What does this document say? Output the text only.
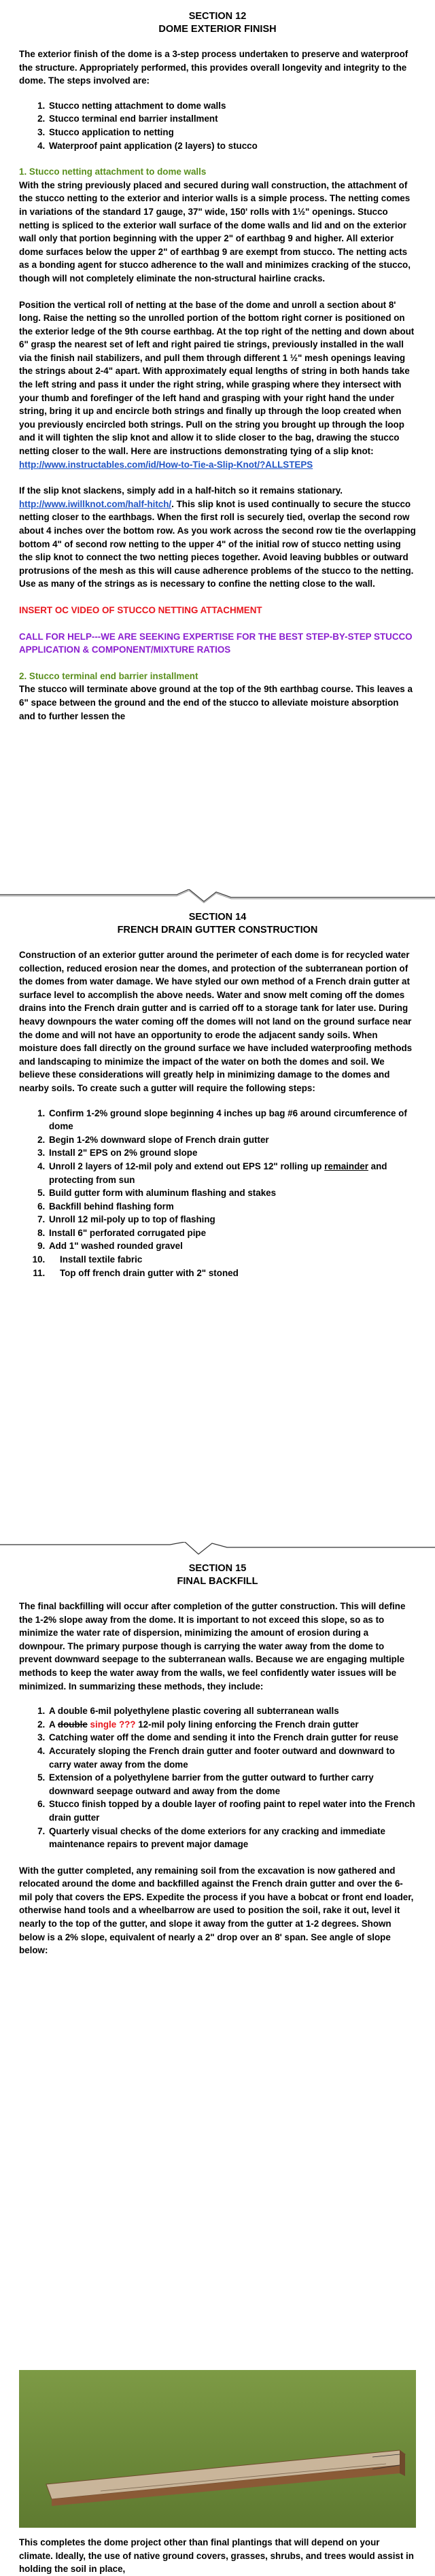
SECTION 12
DOME EXTERIOR FINISH

The exterior finish of the dome is a 3-step process undertaken to preserve and waterproof the structure. Appropriately performed, this provides overall longevity and integrity to the dome. The steps involved are:

1. Stucco netting attachment to dome walls
2. Stucco terminal end barrier installment
3. Stucco application to netting
4. Waterproof paint application (2 layers) to stucco

1. Stucco netting attachment to dome walls

With the string previously placed and secured during wall construction, the attachment of the stucco netting to the exterior and interior walls is a simple process. The netting comes in variations of the standard 17 gauge, 37" wide, 150' rolls with 1½" openings. Stucco netting is spliced to the exterior wall surface of the dome walls and lid and on the exterior wall only that portion beginning with the upper 2" of earthbag 9 and higher. All exterior dome surfaces below the upper 2" of earthbag 9 are exempt from stucco. The netting acts as a bonding agent for stucco adherence to the wall and minimizes cracking of the stucco, though will not completely eliminate the non-structural hairline cracks.

Position the vertical roll of netting at the base of the dome and unroll a section about 8' long. Raise the netting so the unrolled portion of the bottom right corner is positioned on the exterior ledge of the 9th course earthbag. At the top right of the netting and down about 6" grasp the nearest set of left and right paired tie strings, previously installed in the wall via the finish nail stabilizers, and pull them through different 1 ½" mesh openings leaving the strings about 2-4" apart. With approximately equal lengths of string in both hands take the left string and pass it under the right string, while grasping where they intersect with your thumb and forefinger of the left hand and grasping with your right hand the under string, bring it up and encircle both strings and finally up through the loop created when you previously encircled both strings. Pull on the string you brought up through the loop and it will tighten the slip knot and allow it to slide closer to the bag, drawing the stucco netting closer to the wall. Here are instructions demonstrating tying of a slip knot:

http://www.instructables.com/id/How-to-Tie-a-Slip-Knot/?ALLSTEPS

If the slip knot slackens, simply add in a half-hitch so it remains stationary. http://www.iwillknot.com/half-hitch/. This slip knot is used continually to secure the stucco netting closer to the earthbags. When the first roll is securely tied, overlap the second row about 4 inches over the bottom row. As you work across the second row tie the overlapping bottom 4" of second row netting to the upper 4" of the initial row of stucco netting using the slip knot to connect the two netting pieces together. Avoid leaving bubbles or outward protrusions of the mesh as this will cause adherence problems of the stucco to the netting. Use as many of the strings as is necessary to confine the netting close to the wall.

INSERT OC VIDEO OF STUCCO NETTING ATTACHMENT

CALL FOR HELP---WE ARE SEEKING EXPERTISE FOR THE BEST STEP-BY-STEP STUCCO APPLICATION & COMPONENT/MIXTURE RATIOS

2. Stucco terminal end barrier installment

The stucco will terminate above ground at the top of the 9th earthbag course. This leaves a 6" space between the ground and the end of the stucco to alleviate moisture absorption and to further lessen the

SECTION 14
FRENCH DRAIN GUTTER CONSTRUCTION

Construction of an exterior gutter around the perimeter of each dome is for recycled water collection, reduced erosion near the domes, and protection of the subterranean portion of the domes from water damage. We have styled our own method of a French drain gutter at surface level to accomplish the above needs. Water and snow melt coming off the domes drains into the French drain gutter and is carried off to a storage tank for later use. During heavy downpours the water coming off the domes will not land on the ground surface near the dome and will not have an opportunity to erode the adjacent sandy soils. When moisture does fall directly on the ground surface we have included waterproofing methods and landscaping to minimize the impact of the water on both the domes and soil. We believe these considerations will greatly help in minimizing damage to the domes and nearby soils. To create such a gutter will require the following steps:

1. Confirm 1-2% ground slope beginning 4 inches up bag #6 around circumference of dome
2. Begin 1-2% downward slope of French drain gutter
3. Install 2" EPS on 2% ground slope
4. Unroll 2 layers of 12-mil poly and extend out EPS 12" rolling up remainder and protecting from sun
5. Build gutter form with aluminum flashing and stakes
6. Backfill behind flashing form
7. Unroll 12 mil-poly up to top of flashing
8. Install 6" perforated corrugated pipe
9. Add 1" washed rounded gravel
10. Install textile fabric
11. Top off french drain gutter with 2" stoned
SECTION 15
FINAL BACKFILL

The final backfilling will occur after completion of the gutter construction. This will define the 1-2% slope away from the dome. It is important to not exceed this slope, so as to minimize the water rate of dispersion, minimizing the amount of erosion during a downpour. The primary purpose though is carrying the water away from the dome to prevent downward seepage to the subterranean walls. Because we are engaging multiple methods to keep the water away from the walls, we feel confidently water issues will be minimized. In summarizing these methods, they include:

1. A double 6-mil polyethylene plastic covering all subterranean walls
2. A double single ??? 12-mil poly lining enforcing the French drain gutter
3. Catching water off the dome and sending it into the French drain gutter for reuse
4. Accurately sloping the French drain gutter and footer outward and downward to carry water away from the dome
5. Extension of a polyethylene barrier from the gutter outward to further carry downward seepage outward and away from the dome
6. Stucco finish topped by a double layer of roofing paint to repel water into the French drain gutter
7. Quarterly visual checks of the dome exteriors for any cracking and immediate maintenance repairs to prevent major damage

With the gutter completed, any remaining soil from the excavation is now gathered and relocated around the dome and backfilled against the French drain gutter and over the 6-mil poly that covers the EPS. Expedite the process if you have a bobcat or front end loader, otherwise hand tools and a wheelbarrow are used to position the soil, rake it out, level it nearly to the top of the gutter, and slope it away from the gutter at 1-2 degrees. Shown below is a 2% slope, equivalent of nearly a 2" drop over an 8' span. See angle of slope below:

This completes the dome project other than final plantings that will depend on your climate. Ideally, the use of native ground covers, grasses, shrubs, and trees would assist in holding the soil in place,
